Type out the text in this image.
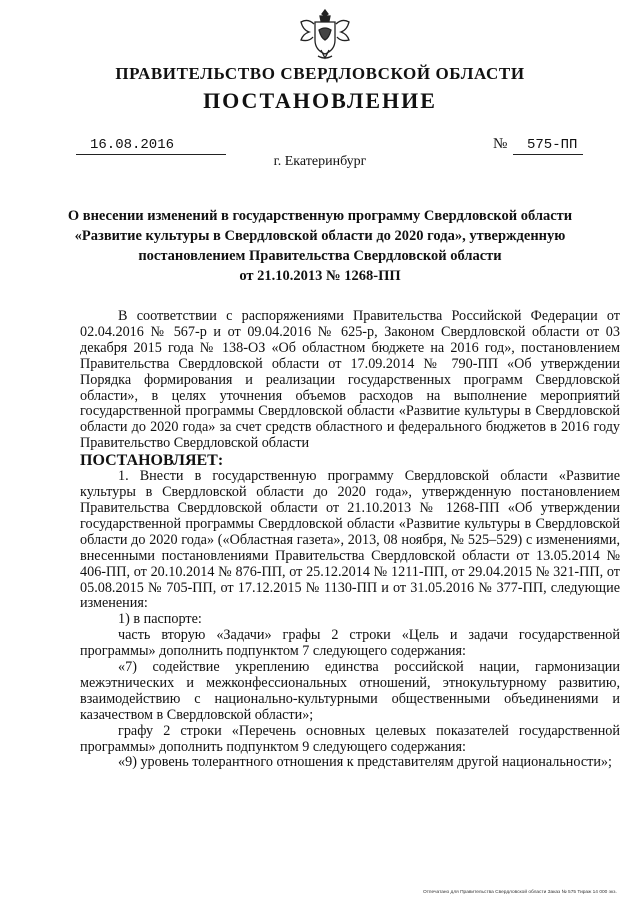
ПРАВИТЕЛЬСТВО СВЕРДЛОВСКОЙ ОБЛАСТИ
ПОСТАНОВЛЕНИЕ
16.08.2016	№	575-ПП
г. Екатеринбург
О внесении изменений в государственную программу Свердловской области
«Развитие культуры в Свердловской области до 2020 года», утвержденную
постановлением Правительства Свердловской области
от 21.10.2013 № 1268-ПП

В соответствии с распоряжениями Правительства Российской Федерации от 02.04.2016 № 567-р и от 09.04.2016 № 625-р, Законом Свердловской области от 03 декабря 2015 года № 138-ОЗ «Об областном бюджете на 2016 год», постановлением Правительства Свердловской области от 17.09.2014 № 790-ПП «Об утверждении Порядка формирования и реализации государственных программ Свердловской области», в целях уточнения объемов расходов на выполнение мероприятий государственной программы Свердловской области «Развитие культуры в Свердловской области до 2020 года» за счет средств областного и федерального бюджетов в 2016 году Правительство Свердловской области

ПОСТАНОВЛЯЕТ:

1. Внести в государственную программу Свердловской области «Развитие культуры в Свердловской области до 2020 года», утвержденную постановлением Правительства Свердловской области от 21.10.2013 № 1268-ПП «Об утверждении государственной программы Свердловской области «Развитие культуры в Свердловской области до 2020 года» («Областная газета», 2013, 08 ноября, № 525–529) с изменениями, внесенными постановлениями Правительства Свердловской области от 13.05.2014 № 406-ПП, от 20.10.2014 № 876-ПП, от 25.12.2014 № 1211-ПП, от 29.04.2015 № 321-ПП, от 05.08.2015 № 705-ПП, от 17.12.2015 № 1130-ПП и от 31.05.2016 № 377-ПП, следующие изменения:

1) в паспорте:

часть вторую «Задачи» графы 2 строки «Цель и задачи государственной программы» дополнить подпунктом 7 следующего содержания:

«7) содействие укреплению единства российской нации, гармонизации межэтнических и межконфессиональных отношений, этнокультурному развитию, взаимодействию с национально-культурными общественными объединениями и казачеством в Свердловской области»;

графу 2 строки «Перечень основных целевых показателей государственной программы» дополнить подпунктом 9 следующего содержания:

«9) уровень толерантного отношения к представителям другой национальности»;

Отпечатано для Правительства Свердловской области Заказ № 575 Тираж 14 000 экз.
